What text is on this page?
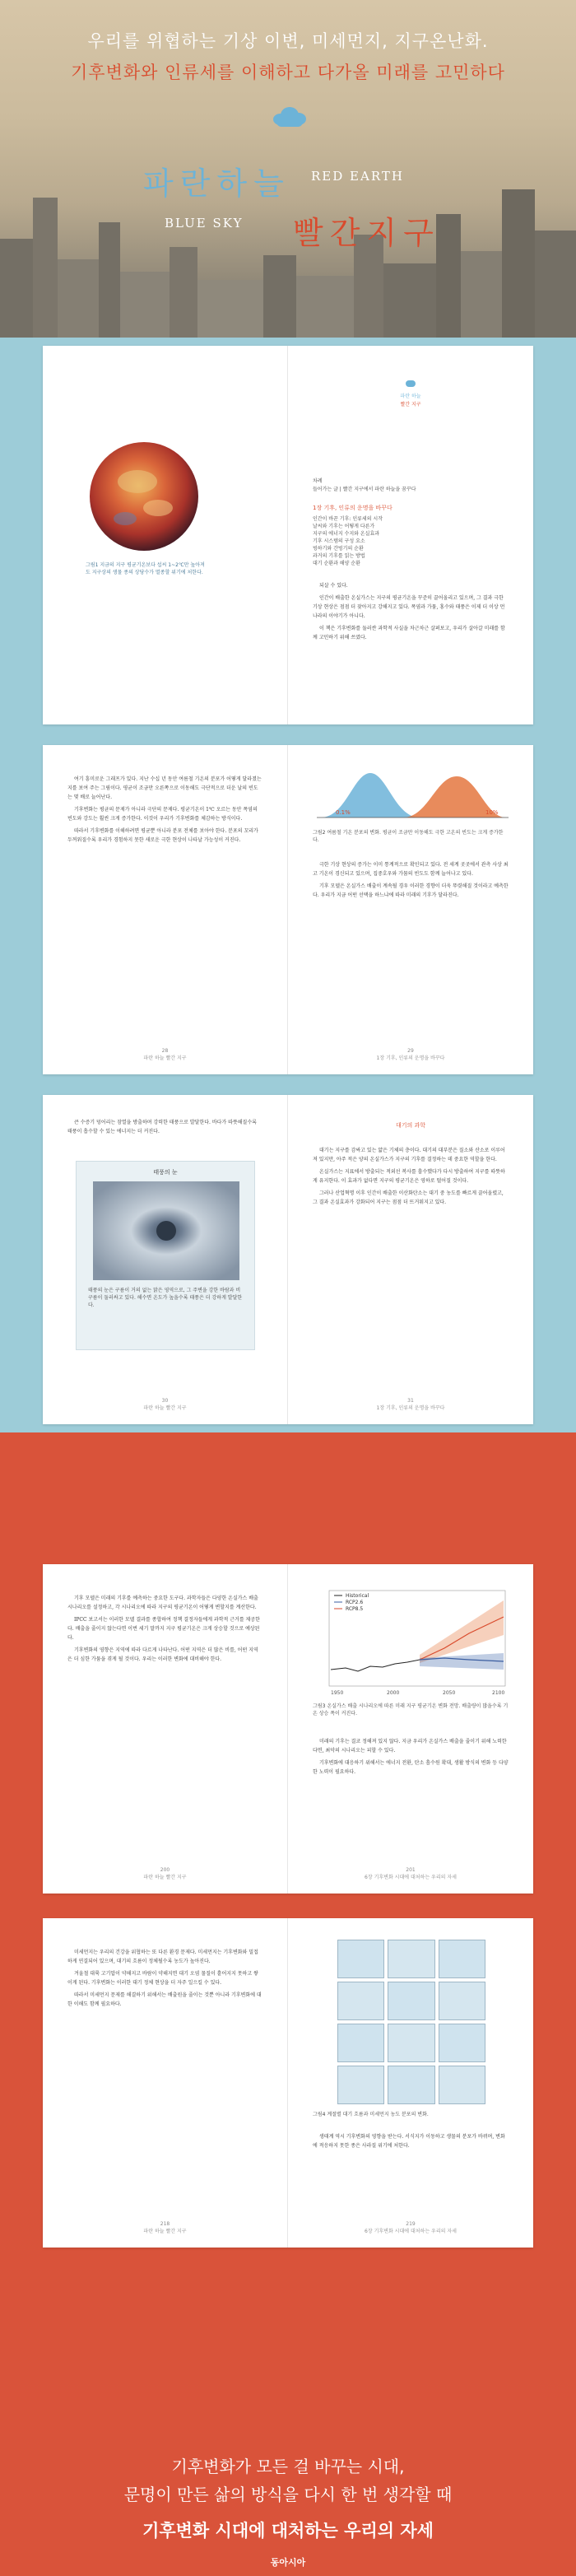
우리를 위협하는 기상 이변, 미세먼지, 지구온난화.
기후변화와 인류세를 이해하고 다가올 미래를 고민하다
파란하늘 RED EARTH
BLUE SKY 빨간지구
그림1 지금의 지구 평균기온보다 섭씨 1~2℃만 높아져도 지구상의 생물 종의 상당수가 멸종할 위기에 처한다.
파란 하늘
빨간 지구
차례
들어가는 글 | 빨간 지구에서 파란 하늘을 꿈꾸다
1장 기후, 인류의 운명을 바꾸다
인간이 바꾼 기후: 인류세의 시작
날씨와 기후는 어떻게 다른가
지구의 에너지 수지와 온실효과
기후 시스템의 구성 요소
빙하기와 간빙기의 순환
과거의 기후를 읽는 방법
대기 순환과 해양 순환

되살 수 있다.

인간이 배출한 온실가스는 지구의 평균기온을 꾸준히 끌어올리고 있으며, 그 결과 극한 기상 현상은 점점 더 잦아지고 강해지고 있다. 폭염과 가뭄, 홍수와 태풍은 이제 더 이상 먼 나라의 이야기가 아니다.

이 책은 기후변화를 둘러싼 과학적 사실을 차근차근 살펴보고, 우리가 살아갈 미래를 함께 고민하기 위해 쓰였다.

여기 흥미로운 그래프가 있다. 지난 수십 년 동안 여름철 기온의 분포가 어떻게 달라졌는지를 보여 주는 그림이다. 평균이 조금만 오른쪽으로 이동해도 극단적으로 더운 날의 빈도는 몇 배로 늘어난다.

기후변화는 평균의 문제가 아니라 극단의 문제다. 평균기온이 1℃ 오르는 동안 폭염의 빈도와 강도는 훨씬 크게 증가한다. 이것이 우리가 기후변화를 체감하는 방식이다.

따라서 기후변화를 이해하려면 평균뿐 아니라 분포 전체를 보아야 한다. 분포의 꼬리가 두꺼워질수록 우리가 경험하지 못한 새로운 극한 현상이 나타날 가능성이 커진다.

28
파란 하늘 빨간 지구
0.1%	10%
그림2 여름철 기온 분포의 변화. 평균이 조금만 이동해도 극한 고온의 빈도는 크게 증가한다.

극한 기상 현상의 증가는 이미 통계적으로 확인되고 있다. 전 세계 곳곳에서 관측 사상 최고 기온이 경신되고 있으며, 집중호우와 가뭄의 빈도도 함께 늘어나고 있다.

기후 모델은 온실가스 배출이 계속될 경우 이러한 경향이 더욱 뚜렷해질 것이라고 예측한다. 우리가 지금 어떤 선택을 하느냐에 따라 미래의 기후가 달라진다.

29
1장 기후, 인류의 운명을 바꾸다

큰 수증기 덩어리는 잠열을 방출하며 강력한 태풍으로 발달한다. 바다가 따뜻해질수록 태풍이 흡수할 수 있는 에너지는 더 커진다.

태풍의 눈
태풍의 눈은 구름이 거의 없는 맑은 영역으로, 그 주변을 강한 바람과 비구름이 둘러싸고 있다. 해수면 온도가 높을수록 태풍은 더 강하게 발달한다.
30
파란 하늘 빨간 지구
대기의 과학

대기는 지구를 감싸고 있는 얇은 기체의 층이다. 대기의 대부분은 질소와 산소로 이루어져 있지만, 아주 적은 양의 온실가스가 지구의 기후를 결정하는 데 중요한 역할을 한다.

온실가스는 지표에서 방출되는 적외선 복사를 흡수했다가 다시 방출하여 지구를 따뜻하게 유지한다. 이 효과가 없다면 지구의 평균기온은 영하로 떨어질 것이다.

그러나 산업혁명 이후 인간이 배출한 이산화탄소는 대기 중 농도를 빠르게 끌어올렸고, 그 결과 온실효과가 강화되어 지구는 점점 더 뜨거워지고 있다.

31
1장 기후, 인류의 운명을 바꾸다

기후 모델은 미래의 기후를 예측하는 중요한 도구다. 과학자들은 다양한 온실가스 배출 시나리오를 설정하고, 각 시나리오에 따라 지구의 평균기온이 어떻게 변할지를 계산한다.

IPCC 보고서는 이러한 모델 결과를 종합하여 정책 결정자들에게 과학적 근거를 제공한다. 배출을 줄이지 않는다면 이번 세기 말까지 지구 평균기온은 크게 상승할 것으로 예상된다.

기후변화의 영향은 지역에 따라 다르게 나타난다. 어떤 지역은 더 많은 비를, 어떤 지역은 더 심한 가뭄을 겪게 될 것이다. 우리는 이러한 변화에 대비해야 한다.

200
파란 하늘 빨간 지구
Historical
RCP2.6
RCP8.5
1950	2000	2050	2100
그림3 온실가스 배출 시나리오에 따른 미래 지구 평균기온 변화 전망. 배출량이 많을수록 기온 상승 폭이 커진다.

미래의 기후는 결코 정해져 있지 않다. 지금 우리가 온실가스 배출을 줄이기 위해 노력한다면, 최악의 시나리오는 피할 수 있다.

기후변화에 대응하기 위해서는 에너지 전환, 탄소 흡수원 확대, 생활 방식의 변화 등 다양한 노력이 필요하다.

201
6장 기후변화 시대에 대처하는 우리의 자세

미세먼지는 우리의 건강을 위협하는 또 다른 환경 문제다. 미세먼지는 기후변화와 밀접하게 연결되어 있으며, 대기의 흐름이 정체될수록 농도가 높아진다.

겨울철 대륙 고기압이 약해지고 바람이 약해지면 대기 오염 물질이 흩어지지 못하고 쌓이게 된다. 기후변화는 이러한 대기 정체 현상을 더 자주 일으킬 수 있다.

따라서 미세먼지 문제를 해결하기 위해서는 배출원을 줄이는 것뿐 아니라 기후변화에 대한 이해도 함께 필요하다.

218
파란 하늘 빨간 지구
그림4 계절별 대기 흐름과 미세먼지 농도 분포의 변화.

생태계 역시 기후변화의 영향을 받는다. 서식지가 이동하고 생물의 분포가 바뀌며, 변화에 적응하지 못한 종은 사라질 위기에 처한다.

219
6장 기후변화 시대에 대처하는 우리의 자세
기후변화가 모든 걸 바꾸는 시대,
문명이 만든 삶의 방식을 다시 한 번 생각할 때
기후변화 시대에 대처하는 우리의 자세
동아시아
